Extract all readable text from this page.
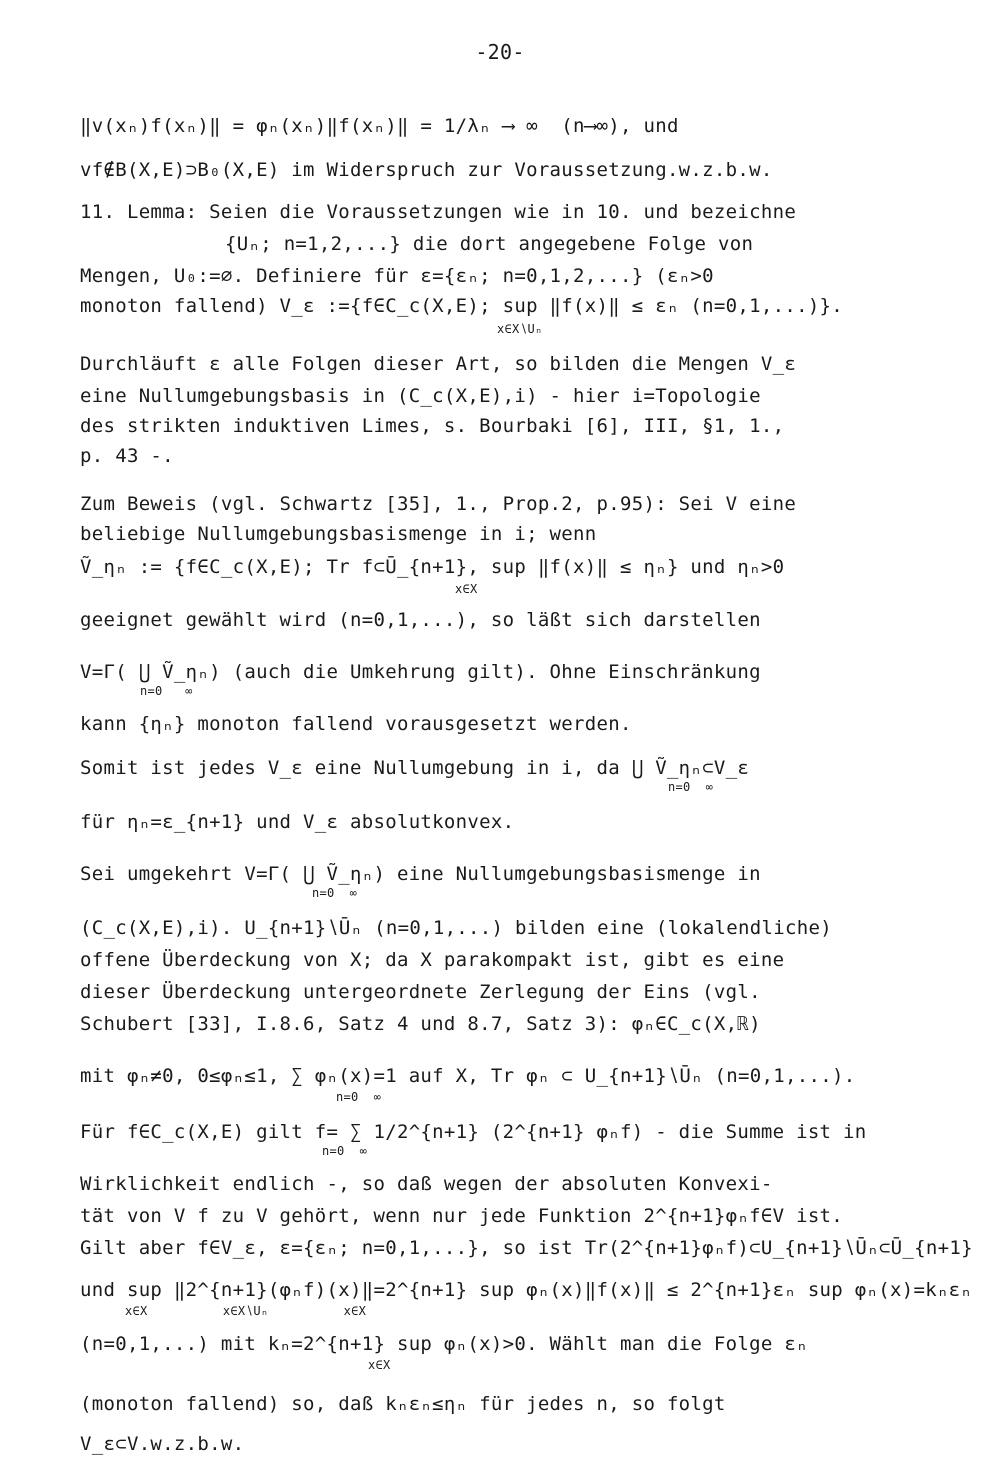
-20-
‖v(xₙ)f(xₙ)‖ = φₙ(xₙ)‖f(xₙ)‖ = 1/λₙ ⟶ ∞  (n⟶∞), und
vf∉B(X,E)⊃B₀(X,E) im Widerspruch zur Voraussetzung.w.z.b.w.
11. Lemma: Seien die Voraussetzungen wie in 10. und bezeichne
{Uₙ; n=1,2,...} die dort angegebene Folge von
Mengen, U₀:=∅. Definiere für ε={εₙ; n=0,1,2,...} (εₙ>0
monoton fallend) V_ε :={f∈C_c(X,E); sup ‖f(x)‖ ≤ εₙ (n=0,1,...)}.
x∈X∖Uₙ
Durchläuft ε alle Folgen dieser Art, so bilden die Mengen V_ε
eine Nullumgebungsbasis in (C_c(X,E),i) - hier i=Topologie
des strikten induktiven Limes, s. Bourbaki [6], III, §1, 1.,
p. 43 -.
Zum Beweis (vgl. Schwartz [35], 1., Prop.2, p.95): Sei V eine
beliebige Nullumgebungsbasismenge in i; wenn
Ṽ_ηₙ := {f∈C_c(X,E); Tr f⊂Ū_{n+1}, sup ‖f(x)‖ ≤ ηₙ} und ηₙ>0
x∈X
geeignet gewählt wird (n=0,1,...), so läßt sich darstellen
V=Γ( ⋃ Ṽ_ηₙ) (auch die Umkehrung gilt). Ohne Einschränkung
n=0   ∞
kann {ηₙ} monoton fallend vorausgesetzt werden.
Somit ist jedes V_ε eine Nullumgebung in i, da ⋃ Ṽ_ηₙ⊂V_ε
n=0  ∞
für ηₙ=ε_{n+1} und V_ε absolutkonvex.
Sei umgekehrt V=Γ( ⋃ Ṽ_ηₙ) eine Nullumgebungsbasismenge in
n=0  ∞
(C_c(X,E),i). U_{n+1}∖Ūₙ (n=0,1,...) bilden eine (lokalendliche)
offene Überdeckung von X; da X parakompakt ist, gibt es eine
dieser Überdeckung untergeordnete Zerlegung der Eins (vgl.
Schubert [33], I.8.6, Satz 4 und 8.7, Satz 3): φₙ∈C_c(X,ℝ)
mit φₙ≠0, 0≤φₙ≤1, ∑ φₙ(x)=1 auf X, Tr φₙ ⊂ U_{n+1}∖Ūₙ (n=0,1,...).
n=0  ∞
Für f∈C_c(X,E) gilt f= ∑ 1/2^{n+1} (2^{n+1} φₙf) - die Summe ist in
n=0  ∞
Wirklichkeit endlich -, so daß wegen der absoluten Konvexi-
tät von V f zu V gehört, wenn nur jede Funktion 2^{n+1}φₙf∈V ist.
Gilt aber f∈V_ε, ε={εₙ; n=0,1,...}, so ist Tr(2^{n+1}φₙf)⊂U_{n+1}∖Ūₙ⊂Ū_{n+1}
und sup ‖2^{n+1}(φₙf)(x)‖=2^{n+1} sup φₙ(x)‖f(x)‖ ≤ 2^{n+1}εₙ sup φₙ(x)=kₙεₙ
x∈X          x∈X∖Uₙ          x∈X
(n=0,1,...) mit kₙ=2^{n+1} sup φₙ(x)>0. Wählt man die Folge εₙ
x∈X
(monoton fallend) so, daß kₙεₙ≤ηₙ für jedes n, so folgt
V_ε⊂V.w.z.b.w.
